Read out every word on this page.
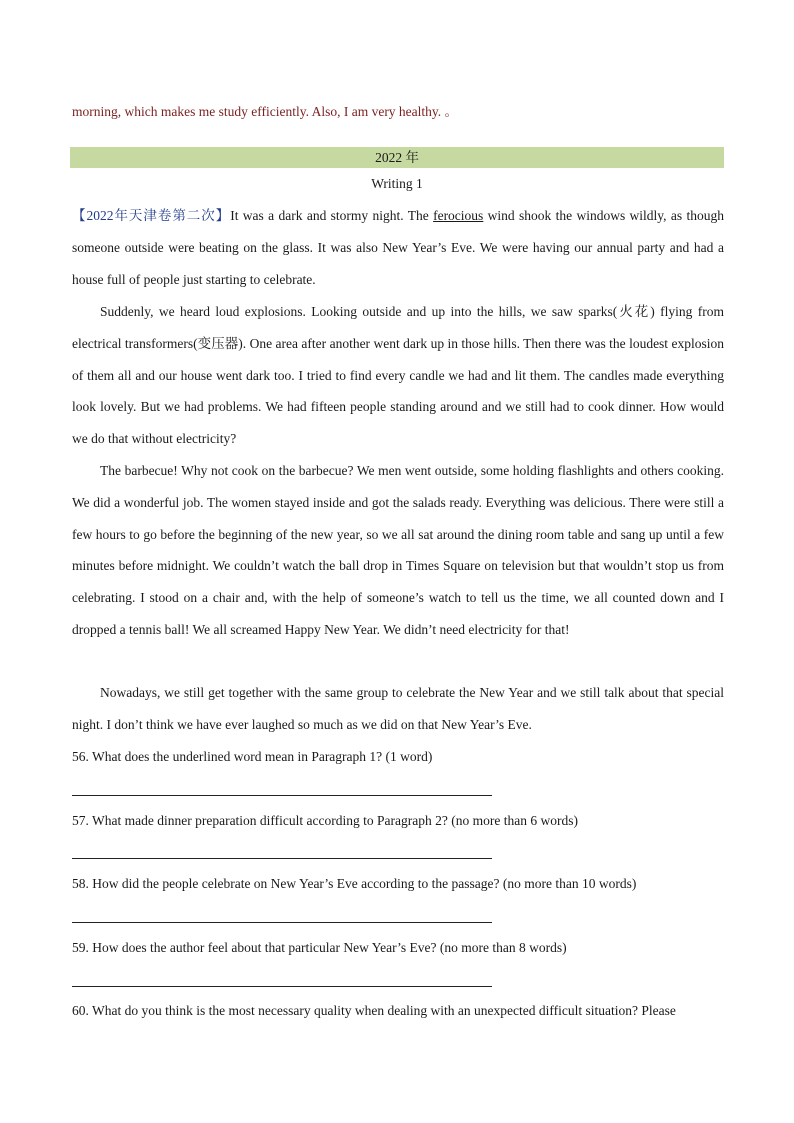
morning, which makes me study efficiently. Also, I am very healthy. 。
2022 年
Writing 1
【2022年天津卷第二次】It was a dark and stormy night. The ferocious wind shook the windows wildly, as though someone outside were beating on the glass. It was also New Year’s Eve. We were having our annual party and had a house full of people just starting to celebrate.
Suddenly, we heard loud explosions. Looking outside and up into the hills, we saw sparks(火花) flying from electrical transformers(变压器). One area after another went dark up in those hills. Then there was the loudest explosion of them all and our house went dark too. I tried to find every candle we had and lit them. The candles made everything look lovely. But we had problems. We had fifteen people standing around and we still had to cook dinner. How would we do that without electricity?
The barbecue! Why not cook on the barbecue? We men went outside, some holding flashlights and others cooking. We did a wonderful job. The women stayed inside and got the salads ready. Everything was delicious. There were still a few hours to go before the beginning of the new year, so we all sat around the dining room table and sang up until a few minutes before midnight. We couldn’t watch the ball drop in Times Square on television but that wouldn’t stop us from celebrating. I stood on a chair and, with the help of someone’s watch to tell us the time, we all counted down and I dropped a tennis ball! We all screamed Happy New Year. We didn’t need electricity for that!
Nowadays, we still get together with the same group to celebrate the New Year and we still talk about that special night. I don’t think we have ever laughed so much as we did on that New Year’s Eve.
56. What does the underlined word mean in Paragraph 1? (1 word)
57. What made dinner preparation difficult according to Paragraph 2? (no more than 6 words)
58. How did the people celebrate on New Year’s Eve according to the passage? (no more than 10 words)
59. How does the author feel about that particular New Year’s Eve? (no more than 8 words)
60. What do you think is the most necessary quality when dealing with an unexpected difficult situation? Please
